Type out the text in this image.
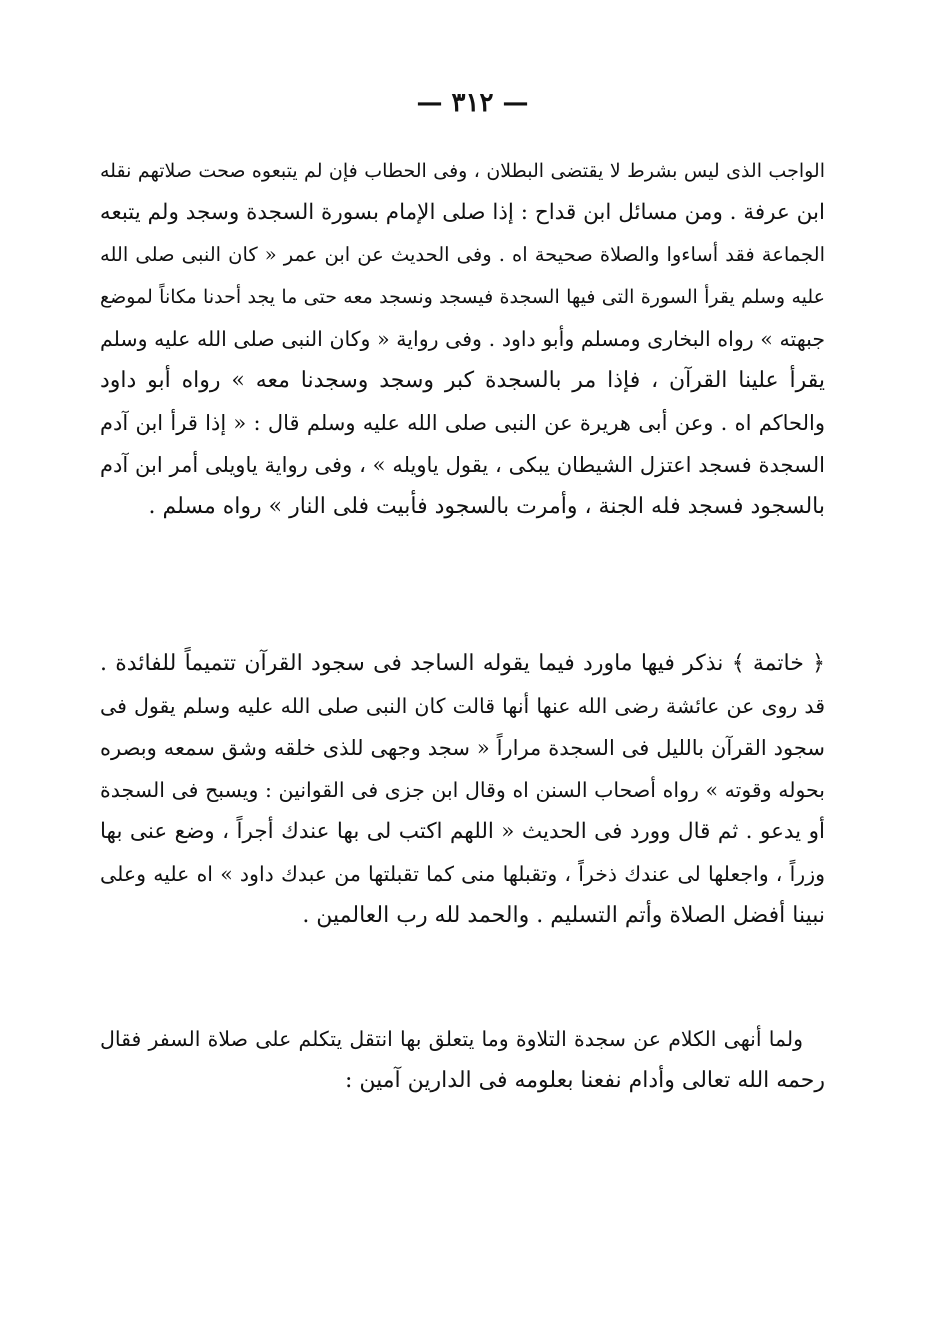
— ٣١٢ —
الواجب الذى ليس بشرط لا يقتضى البطلان ، وفى الحطاب فإن لم يتبعوه صحت صلاتهم نقله
ابن عرفة . ومن مسائل ابن قداح : إذا صلى الإمام بسورة السجدة وسجد ولم يتبعه
الجماعة فقد أساءوا والصلاة صحيحة اه . وفى الحديث عن ابن عمر « كان النبى صلى الله
عليه وسلم يقرأ السورة التى فيها السجدة فيسجد ونسجد معه حتى ما يجد أحدنا مكاناً لموضع
جبهته » رواه البخارى ومسلم وأبو داود . وفى رواية « وكان النبى صلى الله عليه وسلم
يقرأ علينا القرآن ، فإذا مر بالسجدة كبر وسجد وسجدنا معه » رواه أبو داود
والحاكم اه . وعن أبى هريرة عن النبى صلى الله عليه وسلم قال : « إذا قرأ ابن آدم
السجدة فسجد اعتزل الشيطان يبكى ، يقول ياويله » ، وفى رواية ياويلى أمر ابن آدم
بالسجود فسجد فله الجنة ، وأمرت بالسجود فأبيت فلى النار » رواه مسلم .
﴿ خاتمة ﴾ نذكر فيها ماورد فيما يقوله الساجد فى سجود القرآن تتميماً للفائدة .
قد روى عن عائشة رضى الله عنها أنها قالت كان النبى صلى الله عليه وسلم يقول فى
سجود القرآن بالليل فى السجدة مراراً « سجد وجهى للذى خلقه وشق سمعه وبصره
بحوله وقوته » رواه أصحاب السنن اه وقال ابن جزى فى القوانين : ويسبح فى السجدة
أو يدعو . ثم قال وورد فى الحديث « اللهم اكتب لى بها عندك أجراً ، وضع عنى بها
وزراً ، واجعلها لى عندك ذخراً ، وتقبلها منى كما تقبلتها من عبدك داود » اه عليه وعلى
نبينا أفضل الصلاة وأتم التسليم . والحمد لله رب العالمين .
ولما أنهى الكلام عن سجدة التلاوة وما يتعلق بها انتقل يتكلم على صلاة السفر فقال
رحمه الله تعالى وأدام نفعنا بعلومه فى الدارين آمين :
